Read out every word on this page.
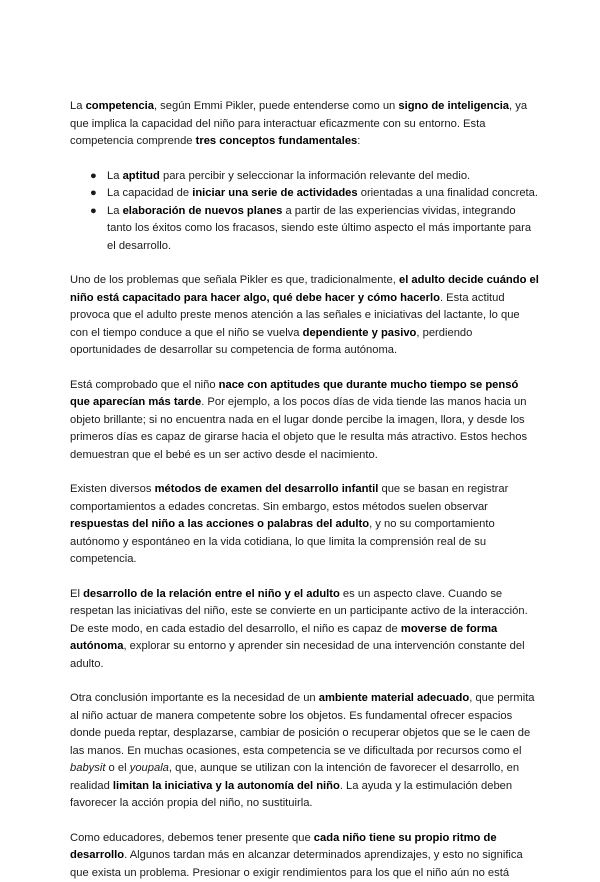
La competencia, según Emmi Pikler, puede entenderse como un signo de inteligencia, ya que implica la capacidad del niño para interactuar eficazmente con su entorno. Esta competencia comprende tres conceptos fundamentales:

● La aptitud para percibir y seleccionar la información relevante del medio.
● La capacidad de iniciar una serie de actividades orientadas a una finalidad concreta.
● La elaboración de nuevos planes a partir de las experiencias vividas, integrando tanto los éxitos como los fracasos, siendo este último aspecto el más importante para el desarrollo.

Uno de los problemas que señala Pikler es que, tradicionalmente, el adulto decide cuándo el niño está capacitado para hacer algo, qué debe hacer y cómo hacerlo. Esta actitud provoca que el adulto preste menos atención a las señales e iniciativas del lactante, lo que con el tiempo conduce a que el niño se vuelva dependiente y pasivo, perdiendo oportunidades de desarrollar su competencia de forma autónoma.

Está comprobado que el niño nace con aptitudes que durante mucho tiempo se pensó que aparecían más tarde. Por ejemplo, a los pocos días de vida tiende las manos hacia un objeto brillante; si no encuentra nada en el lugar donde percibe la imagen, llora, y desde los primeros días es capaz de girarse hacia el objeto que le resulta más atractivo. Estos hechos demuestran que el bebé es un ser activo desde el nacimiento.

Existen diversos métodos de examen del desarrollo infantil que se basan en registrar comportamientos a edades concretas. Sin embargo, estos métodos suelen observar respuestas del niño a las acciones o palabras del adulto, y no su comportamiento autónomo y espontáneo en la vida cotidiana, lo que limita la comprensión real de su competencia.

El desarrollo de la relación entre el niño y el adulto es un aspecto clave. Cuando se respetan las iniciativas del niño, este se convierte en un participante activo de la interacción. De este modo, en cada estadio del desarrollo, el niño es capaz de moverse de forma autónoma, explorar su entorno y aprender sin necesidad de una intervención constante del adulto.

Otra conclusión importante es la necesidad de un ambiente material adecuado, que permita al niño actuar de manera competente sobre los objetos. Es fundamental ofrecer espacios donde pueda reptar, desplazarse, cambiar de posición o recuperar objetos que se le caen de las manos. En muchas ocasiones, esta competencia se ve dificultada por recursos como el babysit o el youpala, que, aunque se utilizan con la intención de favorecer el desarrollo, en realidad limitan la iniciativa y la autonomía del niño. La ayuda y la estimulación deben favorecer la acción propia del niño, no sustituirla.

Como educadores, debemos tener presente que cada niño tiene su propio ritmo de desarrollo. Algunos tardan más en alcanzar determinados aprendizajes, y esto no significa que exista un problema. Presionar o exigir rendimientos para los que el niño aún no está
